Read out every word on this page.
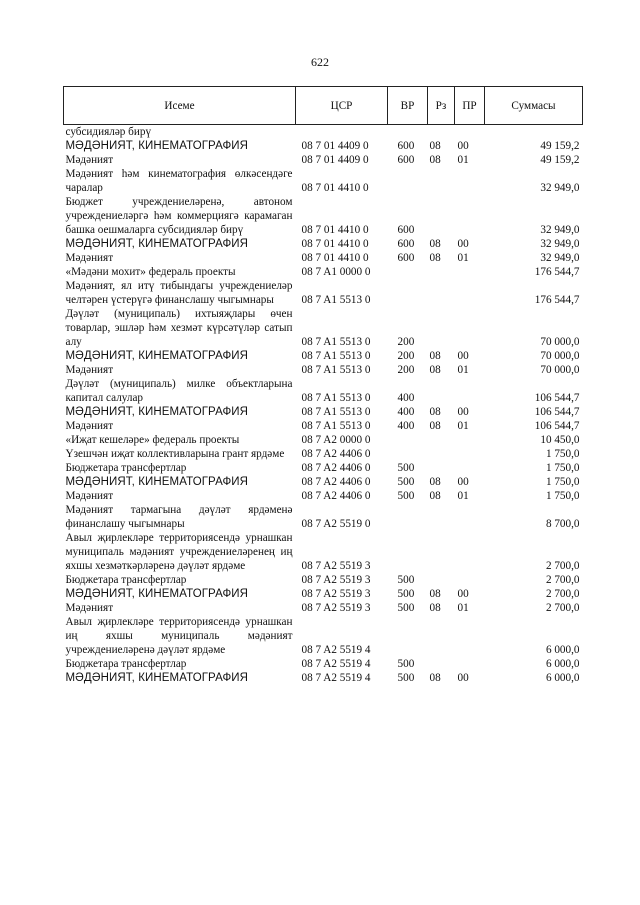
622
Исеме	ЦСР	ВР	Рз	ПР	Суммасы
субсидияләр бирү					
МӘДӘНИЯТ, КИНЕМАТОГРАФИЯ	08 7 01 4409 0	600	08	00	49 159,2
Мәдәният	08 7 01 4409 0	600	08	01	49 159,2
Мәдәният һәм кинематография өлкәсендәге чаралар	08 7 01 4410 0				32 949,0
Бюджет учреждениеләренә, автоном учреждениеләргә һәм коммерциягә карамаган башка оешмаларга субсидияләр бирү	08 7 01 4410 0	600			32 949,0
МӘДӘНИЯТ, КИНЕМАТОГРАФИЯ	08 7 01 4410 0	600	08	00	32 949,0
Мәдәният	08 7 01 4410 0	600	08	01	32 949,0
«Мәдәни мохит» федераль проекты	08 7 A1 0000 0				176 544,7
Мәдәният, ял итү тибындагы учреждениеләр челтәрен үстерүгә финанслашу чыгымнары	08 7 A1 5513 0				176 544,7
Дәүләт (муниципаль) ихтыяҗлары өчен товарлар, эшләр һәм хезмәт күрсәтүләр сатып алу	08 7 A1 5513 0	200			70 000,0
МӘДӘНИЯТ, КИНЕМАТОГРАФИЯ	08 7 A1 5513 0	200	08	00	70 000,0
Мәдәният	08 7 A1 5513 0	200	08	01	70 000,0
Дәүләт (муниципаль) милке объектларына капитал салулар	08 7 A1 5513 0	400			106 544,7
МӘДӘНИЯТ, КИНЕМАТОГРАФИЯ	08 7 A1 5513 0	400	08	00	106 544,7
Мәдәният	08 7 A1 5513 0	400	08	01	106 544,7
«Иҗат кешеләре» федераль проекты	08 7 A2 0000 0				10 450,0
Үзешчән иҗат коллективларына грант ярдәме	08 7 A2 4406 0				1 750,0
Бюджетара трансфертлар	08 7 A2 4406 0	500			1 750,0
МӘДӘНИЯТ, КИНЕМАТОГРАФИЯ	08 7 A2 4406 0	500	08	00	1 750,0
Мәдәният	08 7 A2 4406 0	500	08	01	1 750,0
Мәдәният тармагына дәүләт ярдәменә финанслашу чыгымнары	08 7 A2 5519 0				8 700,0
Авыл җирлекләре территориясендә урнашкан муниципаль мәдәният учреждениеләренең иң яхшы хезмәткәрләренә дәүләт ярдәме	08 7 A2 5519 3				2 700,0
Бюджетара трансфертлар	08 7 A2 5519 3	500			2 700,0
МӘДӘНИЯТ, КИНЕМАТОГРАФИЯ	08 7 A2 5519 3	500	08	00	2 700,0
Мәдәният	08 7 A2 5519 3	500	08	01	2 700,0
Авыл җирлекләре территориясендә урнашкан иң яхшы муниципаль мәдәният учреждениеләренә дәүләт ярдәме	08 7 A2 5519 4				6 000,0
Бюджетара трансфертлар	08 7 A2 5519 4	500			6 000,0
МӘДӘНИЯТ, КИНЕМАТОГРАФИЯ	08 7 A2 5519 4	500	08	00	6 000,0
